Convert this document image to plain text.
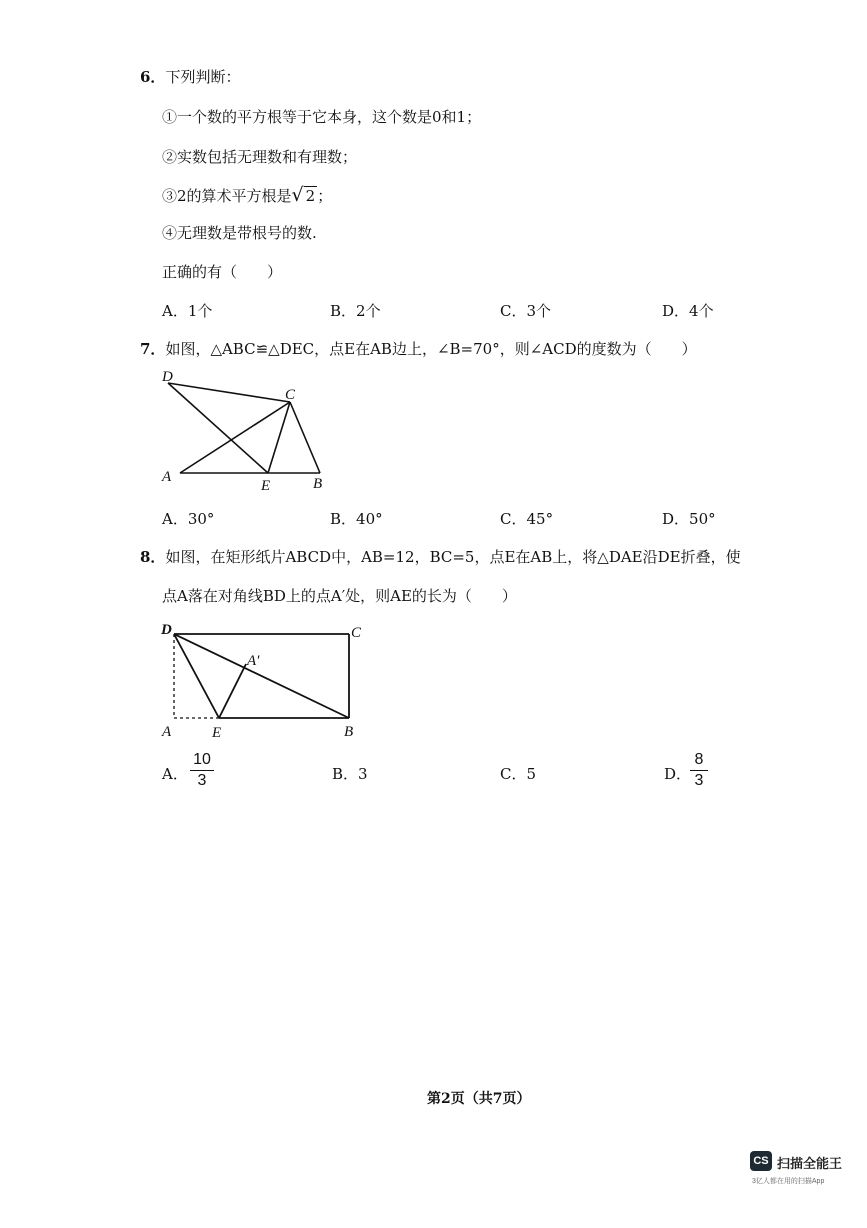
6．下列判断：
①一个数的平方根等于它本身，这个数是0和1；
②实数包括无理数和有理数；
③2的算术平方根是√ 2 ；
④无理数是带根号的数.
正确的有（　　）
A．1个	B．2个	C．3个	D．4个
7．如图，△ABC≌△DEC，点E在AB边上，∠B=70°，则∠ACD的度数为（　　）
D
C
A
E	B
A．30°	B．40°	C．45°	D．50°
8．如图，在矩形纸片ABCD中，AB=12，BC=5，点E在AB上，将△DAE沿DE折叠，使
点A落在对角线BD上的点A′处，则AE的长为（　　）
D	C
A′
A	E	B
A．
10
3	B．3	C．5	D．
8
3
第2页（共7页）
CS 扫描全能王
3亿人都在用的扫描App
